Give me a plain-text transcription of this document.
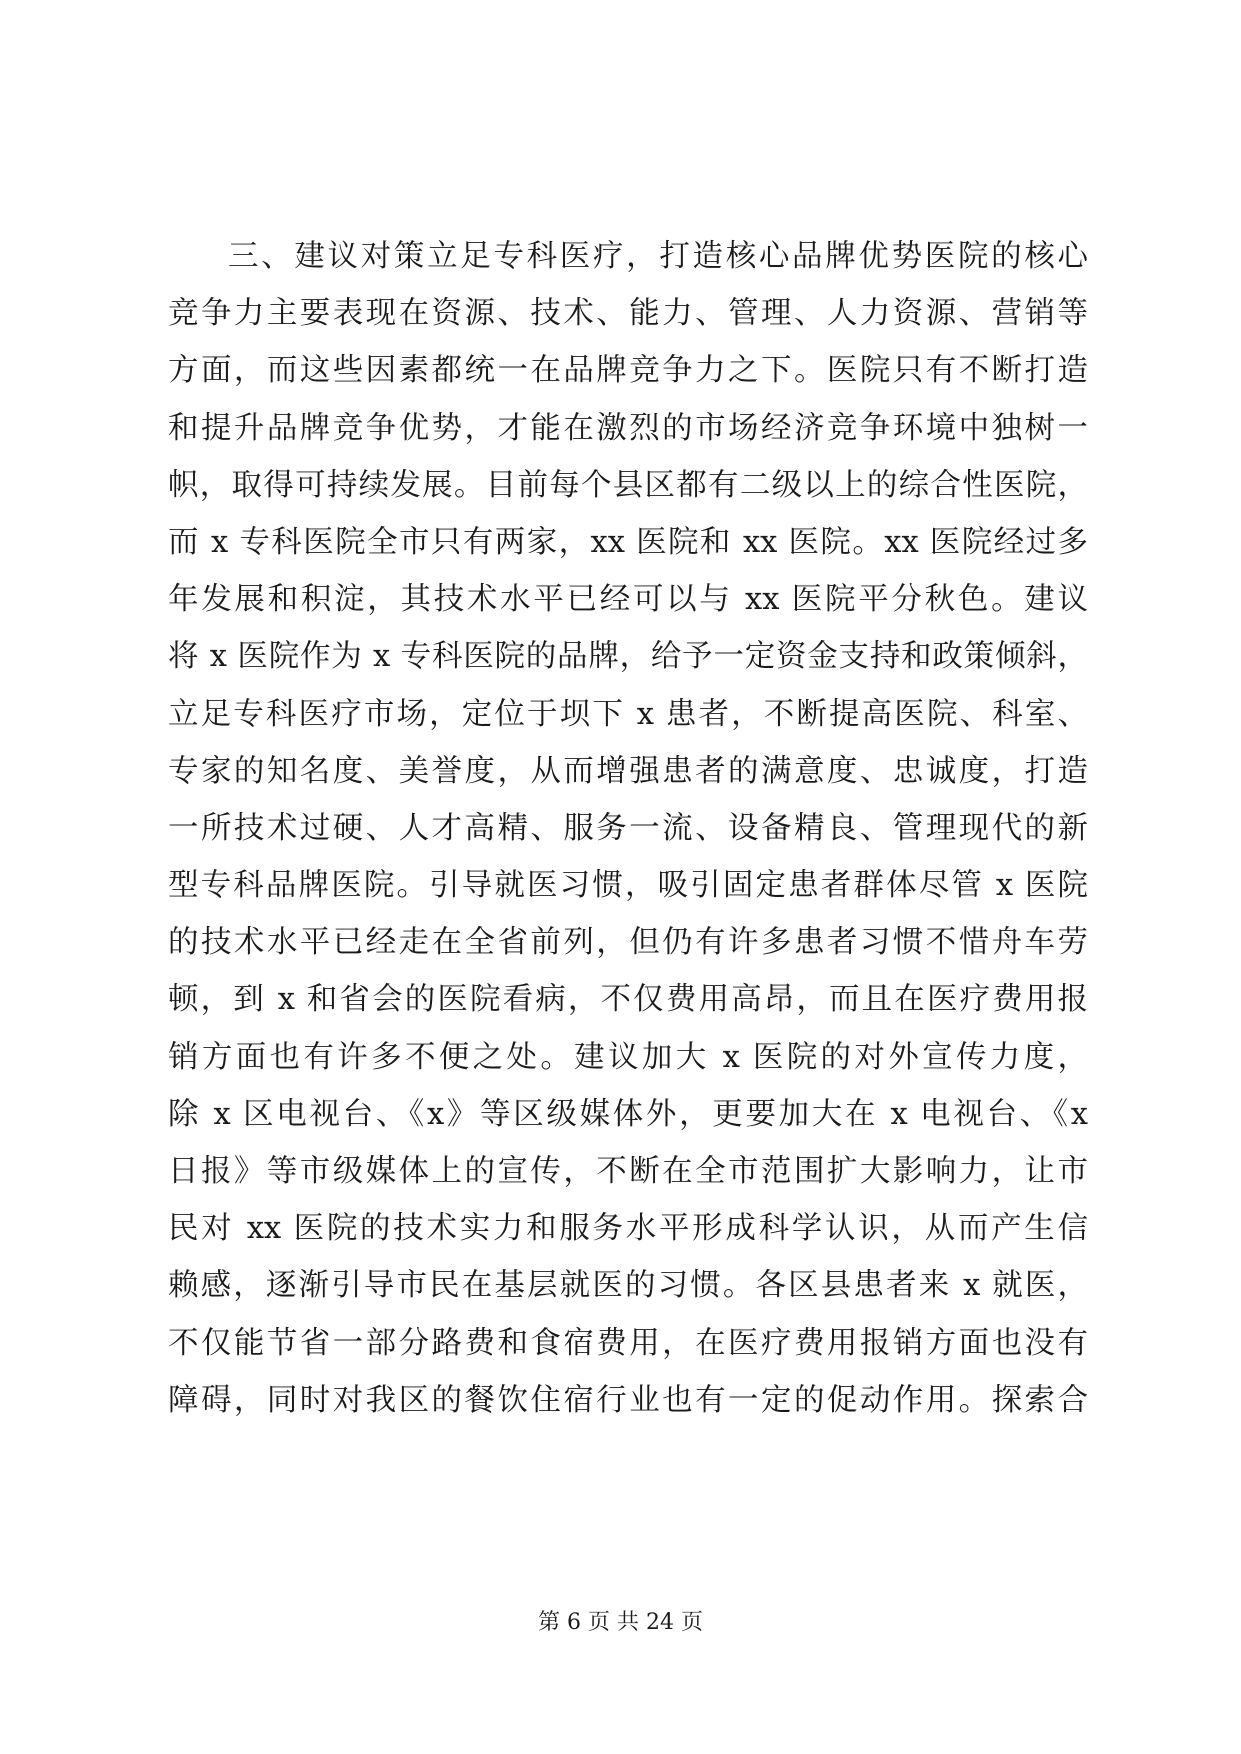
三、建议对策立足专科医疗，打造核心品牌优势医院的核心
竞争力主要表现在资源、技术、能力、管理、人力资源、营销等
方面，而这些因素都统一在品牌竞争力之下。医院只有不断打造
和提升品牌竞争优势，才能在激烈的市场经济竞争环境中独树一
帜，取得可持续发展。目前每个县区都有二级以上的综合性医院，
而 x 专科医院全市只有两家，xx 医院和 xx 医院。xx 医院经过多
年发展和积淀，其技术水平已经可以与 xx 医院平分秋色。建议
将 x 医院作为 x 专科医院的品牌，给予一定资金支持和政策倾斜，
立足专科医疗市场，定位于坝下 x 患者，不断提高医院、科室、
专家的知名度、美誉度，从而增强患者的满意度、忠诚度，打造
一所技术过硬、人才高精、服务一流、设备精良、管理现代的新
型专科品牌医院。引导就医习惯，吸引固定患者群体尽管 x 医院
的技术水平已经走在全省前列，但仍有许多患者习惯不惜舟车劳
顿，到 x 和省会的医院看病，不仅费用高昂，而且在医疗费用报
销方面也有许多不便之处。建议加大 x 医院的对外宣传力度，
除 x 区电视台、《x》等区级媒体外，更要加大在 x 电视台、《x
日报》等市级媒体上的宣传，不断在全市范围扩大影响力，让市
民对 xx 医院的技术实力和服务水平形成科学认识，从而产生信
赖感，逐渐引导市民在基层就医的习惯。各区县患者来 x 就医，
不仅能节省一部分路费和食宿费用，在医疗费用报销方面也没有
障碍，同时对我区的餐饮住宿行业也有一定的促动作用。探索合
第 6 页 共 24 页
